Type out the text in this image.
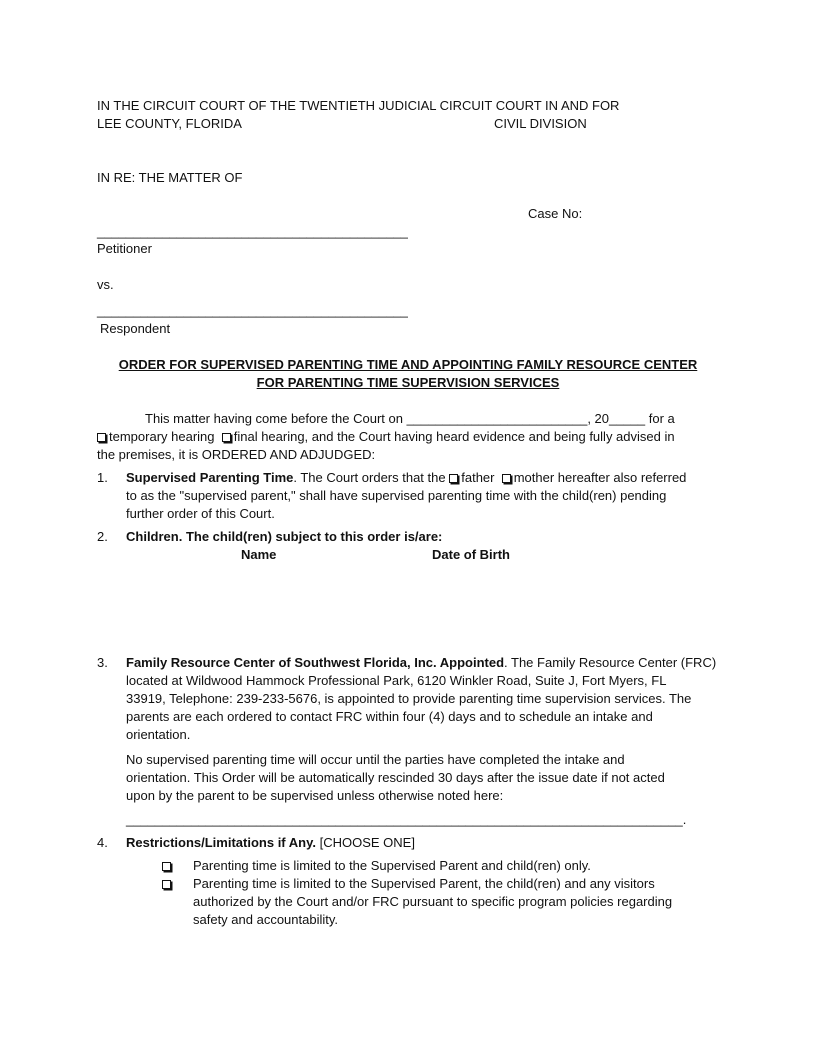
IN THE CIRCUIT COURT OF THE TWENTIETH JUDICIAL CIRCUIT COURT IN AND FOR
LEE COUNTY, FLORIDA	CIVIL DIVISION
IN RE: THE MATTER OF
Case No:
___________________________________________
Petitioner
vs.
___________________________________________
Respondent
ORDER FOR SUPERVISED PARENTING TIME AND APPOINTING FAMILY RESOURCE CENTER
FOR PARENTING TIME SUPERVISION SERVICES
This matter having come before the Court on _________________________, 20_____ for a
temporary hearing final hearing, and the Court having heard evidence and being fully advised in
the premises, it is ORDERED AND ADJUDGED:
1. Supervised Parenting Time. The Court orders that the father mother hereafter also referred
to as the "supervised parent," shall have supervised parenting time with the child(ren) pending
further order of this Court.
2. Children. The child(ren) subject to this order is/are:
Name	Date of Birth
3. Family Resource Center of Southwest Florida, Inc. Appointed. The Family Resource Center (FRC)
located at Wildwood Hammock Professional Park, 6120 Winkler Road, Suite J, Fort Myers, FL
33919, Telephone: 239-233-5676, is appointed to provide parenting time supervision services. The
parents are each ordered to contact FRC within four (4) days and to schedule an intake and
orientation.
No supervised parenting time will occur until the parties have completed the intake and
orientation. This Order will be automatically rescinded 30 days after the issue date if not acted
upon by the parent to be supervised unless otherwise noted here:
_____________________________________________________________________________.
4. Restrictions/Limitations if Any. [CHOOSE ONE]
Parenting time is limited to the Supervised Parent and child(ren) only.
Parenting time is limited to the Supervised Parent, the child(ren) and any visitors
authorized by the Court and/or FRC pursuant to specific program policies regarding
safety and accountability.
